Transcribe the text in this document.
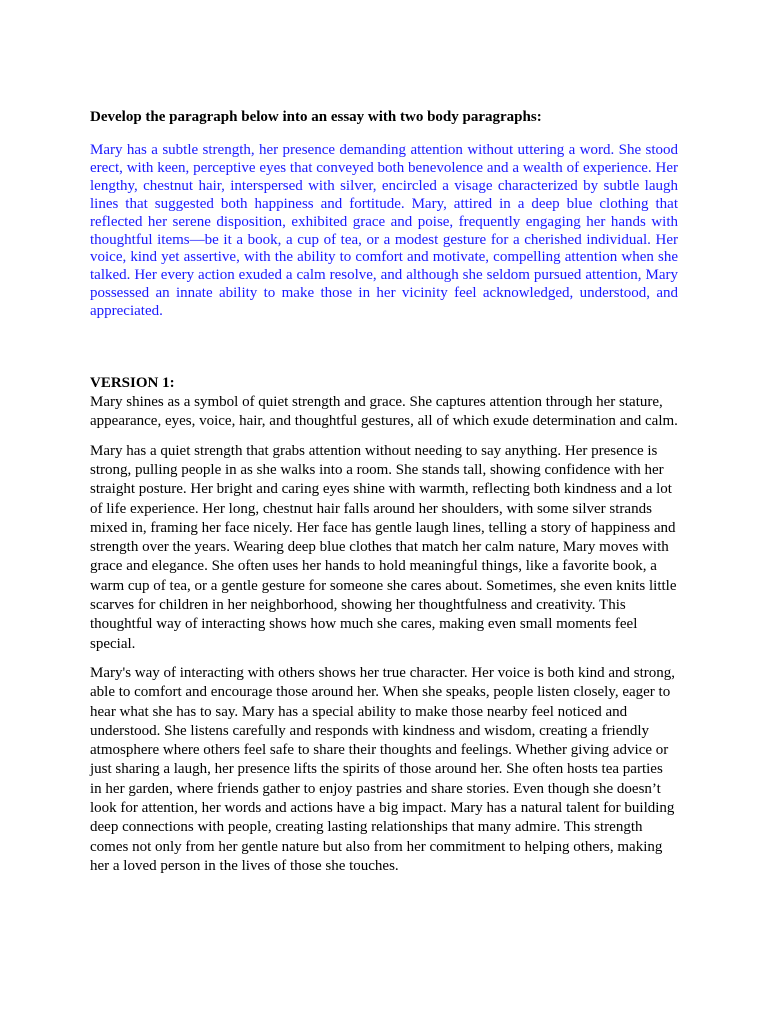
Develop the paragraph below into an essay with two body paragraphs:

Mary has a subtle strength, her presence demanding attention without uttering a word. She stood erect, with keen, perceptive eyes that conveyed both benevolence and a wealth of experience. Her lengthy, chestnut hair, interspersed with silver, encircled a visage characterized by subtle laugh lines that suggested both happiness and fortitude. Mary, attired in a deep blue clothing that reflected her serene disposition, exhibited grace and poise, frequently engaging her hands with thoughtful items—be it a book, a cup of tea, or a modest gesture for a cherished individual. Her voice, kind yet assertive, with the ability to comfort and motivate, compelling attention when she talked. Her every action exuded a calm resolve, and although she seldom pursued attention, Mary possessed an innate ability to make those in her vicinity feel acknowledged, understood, and appreciated.

VERSION 1:

Mary shines as a symbol of quiet strength and grace. She captures attention through her stature, appearance, eyes, voice, hair, and thoughtful gestures, all of which exude determination and calm.

Mary has a quiet strength that grabs attention without needing to say anything. Her presence is strong, pulling people in as she walks into a room. She stands tall, showing confidence with her straight posture. Her bright and caring eyes shine with warmth, reflecting both kindness and a lot of life experience. Her long, chestnut hair falls around her shoulders, with some silver strands mixed in, framing her face nicely. Her face has gentle laugh lines, telling a story of happiness and strength over the years. Wearing deep blue clothes that match her calm nature, Mary moves with grace and elegance. She often uses her hands to hold meaningful things, like a favorite book, a warm cup of tea, or a gentle gesture for someone she cares about. Sometimes, she even knits little scarves for children in her neighborhood, showing her thoughtfulness and creativity. This thoughtful way of interacting shows how much she cares, making even small moments feel special.

Mary's way of interacting with others shows her true character. Her voice is both kind and strong, able to comfort and encourage those around her. When she speaks, people listen closely, eager to hear what she has to say. Mary has a special ability to make those nearby feel noticed and understood. She listens carefully and responds with kindness and wisdom, creating a friendly atmosphere where others feel safe to share their thoughts and feelings. Whether giving advice or just sharing a laugh, her presence lifts the spirits of those around her. She often hosts tea parties in her garden, where friends gather to enjoy pastries and share stories. Even though she doesn’t look for attention, her words and actions have a big impact. Mary has a natural talent for building deep connections with people, creating lasting relationships that many admire. This strength comes not only from her gentle nature but also from her commitment to helping others, making her a loved person in the lives of those she touches.
